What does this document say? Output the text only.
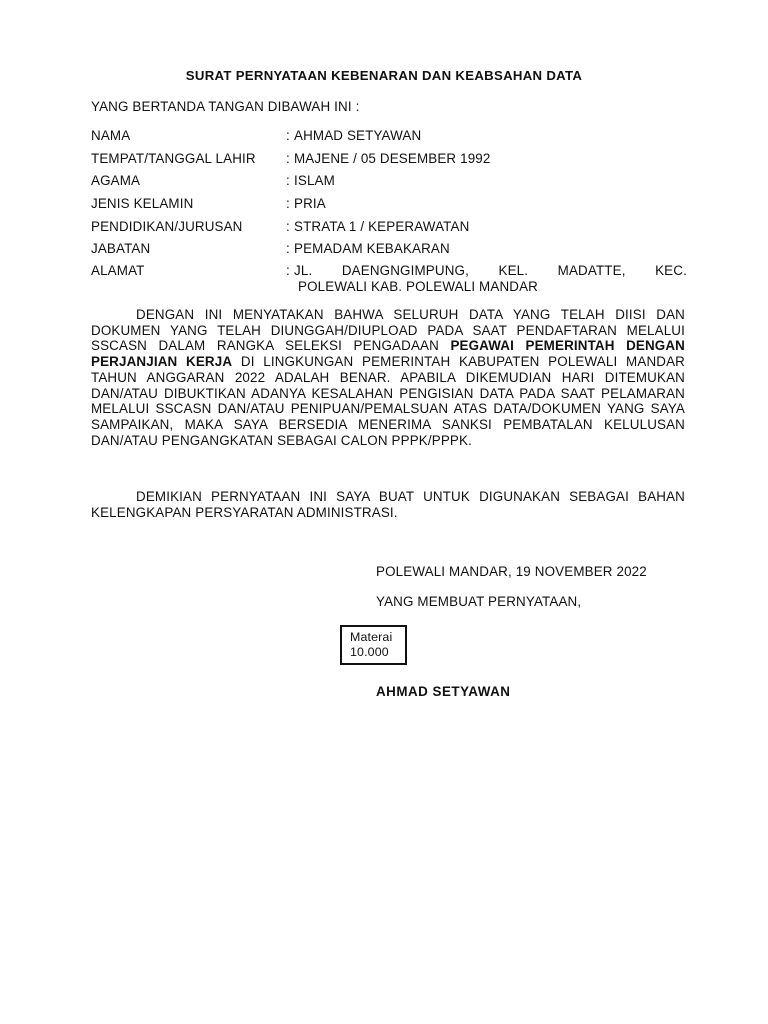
SURAT PERNYATAAN KEBENARAN DAN KEABSAHAN DATA
YANG BERTANDA TANGAN DIBAWAH INI :
NAMA	: AHMAD SETYAWAN
TEMPAT/TANGGAL LAHIR	: MAJENE / 05 DESEMBER 1992
AGAMA	: ISLAM
JENIS KELAMIN	: PRIA
PENDIDIKAN/JURUSAN	: STRATA 1 / KEPERAWATAN
JABATAN	: PEMADAM KEBAKARAN
ALAMAT	: JL. DAENGNGIMPUNG, KEL. MADATTE, KEC.
POLEWALI KAB. POLEWALI MANDAR
DENGAN INI MENYATAKAN BAHWA SELURUH DATA YANG TELAH DIISI DAN DOKUMEN YANG TELAH DIUNGGAH/DIUPLOAD PADA SAAT PENDAFTARAN MELALUI SSCASN DALAM RANGKA SELEKSI PENGADAAN PEGAWAI PEMERINTAH DENGAN PERJANJIAN KERJA DI LINGKUNGAN PEMERINTAH KABUPATEN POLEWALI MANDAR TAHUN ANGGARAN 2022 ADALAH BENAR. APABILA DIKEMUDIAN HARI DITEMUKAN DAN/ATAU DIBUKTIKAN ADANYA KESALAHAN PENGISIAN DATA PADA SAAT PELAMARAN MELALUI SSCASN DAN/ATAU PENIPUAN/PEMALSUAN ATAS DATA/DOKUMEN YANG SAYA SAMPAIKAN, MAKA SAYA BERSEDIA MENERIMA SANKSI PEMBATALAN KELULUSAN DAN/ATAU PENGANGKATAN SEBAGAI CALON PPPK/PPPK.
DEMIKIAN PERNYATAAN INI SAYA BUAT UNTUK DIGUNAKAN SEBAGAI BAHAN KELENGKAPAN PERSYARATAN ADMINISTRASI.
POLEWALI MANDAR, 19 NOVEMBER 2022
YANG MEMBUAT PERNYATAAN,
Materai
10.000
AHMAD SETYAWAN
